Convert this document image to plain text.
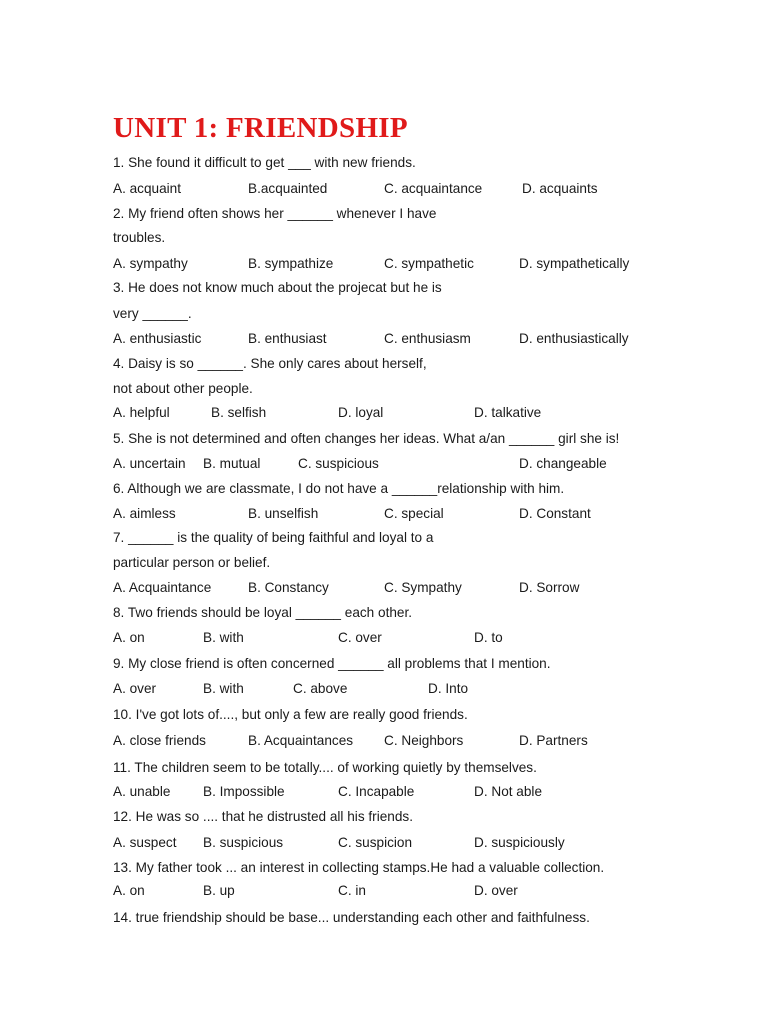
UNIT 1: FRIENDSHIP
1. She found it difficult to get ___ with new friends.
A. acquaint	B.acquainted	C. acquaintance	D. acquaints
2. My friend often shows her ______ whenever I have
troubles.
A. sympathy	B. sympathize	C. sympathetic	D. sympathetically
3. He does not know much about the projecat but he is
very ______.
A. enthusiastic	B. enthusiast	C. enthusiasm	D. enthusiastically
4. Daisy is so ______. She only cares about herself,
not about other people.
A. helpful	B. selfish	D. loyal	D. talkative
5. She is not determined and often changes her ideas. What a/an ______ girl she is!
A. uncertain B. mutual	C. suspicious	D. changeable
6. Although we are classmate, I do not have a ______relationship with him.
A. aimless	B. unselfish	C. special	D. Constant
7. ______ is the quality of being faithful and loyal to a
particular person or belief.
A. Acquaintance	B. Constancy	C. Sympathy	D. Sorrow
8. Two friends should be loyal ______ each other.
A. on	B. with	C. over	D. to
9. My close friend is often concerned ______ all problems that I mention.
A. over	B. with	C. above	D. Into
10. I've got lots of...., but only a few are really good friends.
A. close friends	B. Acquaintances C. Neighbors	D. Partners
11. The children seem to be totally.... of working quietly by themselves.
A. unable B. Impossible	C. Incapable	D. Not able
12. He was so .... that he distrusted all his friends.
A. suspect B. suspicious	C. suspicion	D. suspiciously
13. My father took ... an interest in collecting stamps.He had a valuable collection.
A. on	B. up	C. in	D. over
14. true friendship should be base... understanding each other and faithfulness.
